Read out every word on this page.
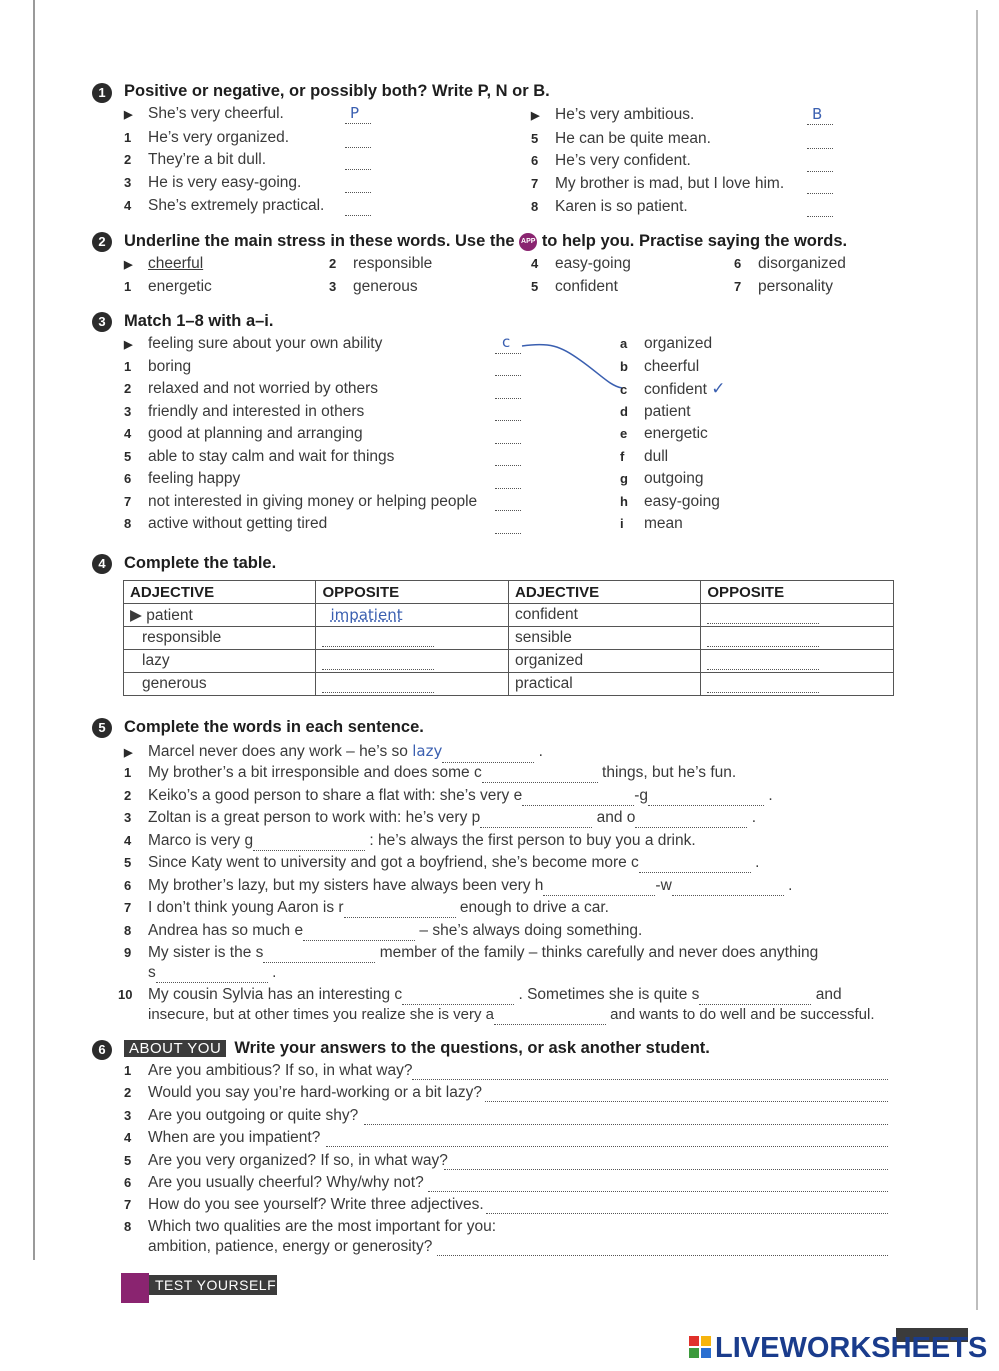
1	Positive or negative, or possibly both? Write P, N or B.
▶ She’s very cheerful.	P
1 He’s very organized.
2 They’re a bit dull.
3 He is very easy-going.
4 She’s extremely practical.
▶ He’s very ambitious.	B
5 He can be quite mean.
6 He’s very confident.
7 My brother is mad, but I love him.
8 Karen is so patient.
2	Underline the main stress in these words. Use the APP to help you. Practise saying the words.
▶ cheerful
1 energetic
2 responsible
3 generous
4 easy-going
5 confident
6 disorganized
7 personality
3	Match 1–8 with a–i.
▶ feeling sure about your own ability
1 boring
2 relaxed and not worried by others
3 friendly and interested in others
4 good at planning and arranging
5 able to stay calm and wait for things
6 feeling happy
7 not interested in giving money or helping people
8 active without getting tired
c	a organized
b cheerful
c confident ✓
d patient
e energetic
f dull
g outgoing
h easy-going
i mean
4	Complete the table.
ADJECTIVE	OPPOSITE	ADJECTIVE	OPPOSITE
▶ patient	impatient	confident	
responsible		sensible	
lazy		organized	
generous		practical	
5	Complete the words in each sentence.
▶ Marcel never does any work – he’s so lazy	.
1 My brother’s a bit irresponsible and does some c	things, but he’s fun.
2 Keiko’s a good person to share a flat with: she’s very e	-g	.
3 Zoltan is a great person to work with: he’s very p	and o	.
4 Marco is very g	: he’s always the first person to buy you a drink.
5 Since Katy went to university and got a boyfriend, she’s become more c	.
6 My brother’s lazy, but my sisters have always been very h	-w	.
7 I don’t think young Aaron is r	enough to drive a car.
8 Andrea has so much e	– she’s always doing something.
9 My sister is the s	member of the family – thinks carefully and never does anything
s	.
10 My cousin Sylvia has an interesting c	. Sometimes she is quite s	and
insecure, but at other times you realize she is very a	and wants to do well and be successful.
6	ABOUT YOU Write your answers to the questions, or ask another student.
1 Are you ambitious? If so, in what way?
2 Would you say you’re hard-working or a bit lazy?
3 Are you outgoing or quite shy?
4 When are you impatient?
5 Are you very organized? If so, in what way?
6 Are you usually cheerful? Why/why not?
7 How do you see yourself? Write three adjectives.
8 Which two qualities are the most important for you:
ambition, patience, energy or generosity?
TEST YOURSELF
LIVEWORKSHEETS
